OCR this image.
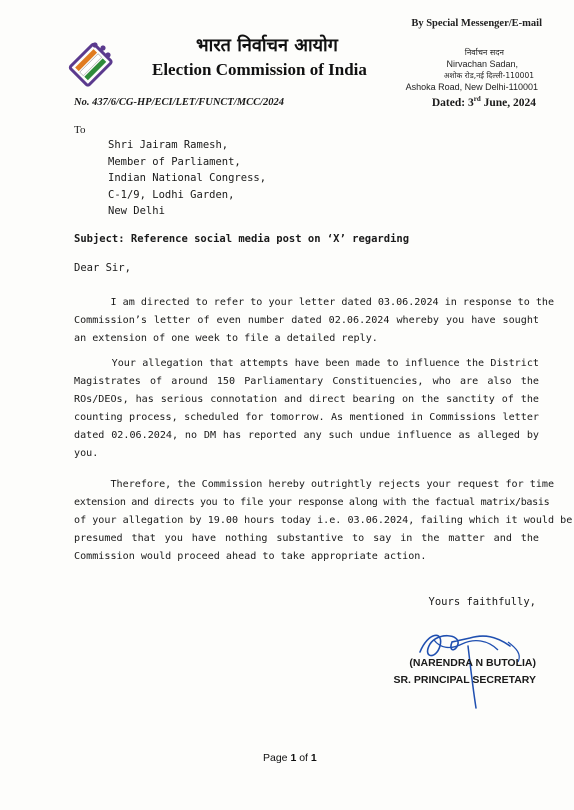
By Special Messenger/E-mail
भारत निर्वाचन आयोग
Election Commission of India
निर्वाचन सदन
Nirvachan Sadan,
अशोक रोड,नई दिल्ली-110001
Ashoka Road, New Delhi-110001
No. 437/6/CG-HP/ECI/LET/FUNCT/MCC/2024	Dated: 3rd June, 2024
To
Shri Jairam Ramesh,
Member of Parliament,
Indian National Congress,
C-1/9, Lodhi Garden,
New Delhi
Subject: Reference social media post on ‘X’ regarding
Dear Sir,
I am directed to refer to your letter dated 03.06.2024 in response to the
Commission’s letter of even number dated 02.06.2024 whereby you have sought
an extension of one week to file a detailed reply.
Your allegation that attempts have been made to influence the District
Magistrates of around 150 Parliamentary Constituencies, who are also the
ROs/DEOs, has serious connotation and direct bearing on the sanctity of the
counting process, scheduled for tomorrow. As mentioned in Commissions letter
dated 02.06.2024, no DM has reported any such undue influence as alleged by
you.
Therefore, the Commission hereby outrightly rejects your request for time
extension and directs you to file your response along with the factual matrix/basis
of your allegation by 19.00 hours today i.e. 03.06.2024, failing which it would be
presumed that you have nothing substantive to say in the matter and the
Commission would proceed ahead to take appropriate action.
Yours faithfully,
(NARENDRA N BUTOLIA)
SR. PRINCIPAL SECRETARY
Page 1 of 1
